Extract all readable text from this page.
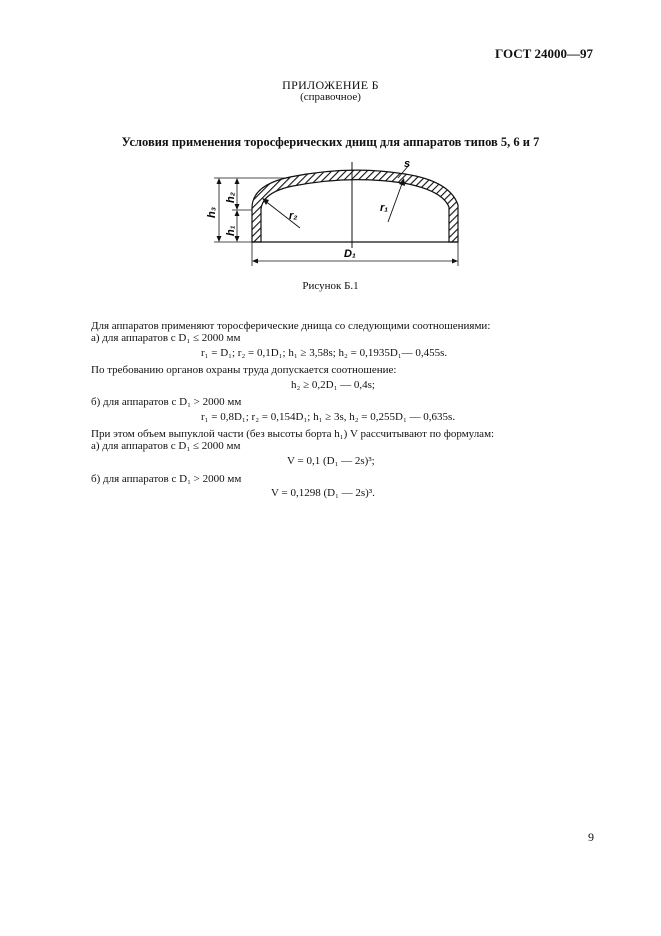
ГОСТ 24000—97
ПРИЛОЖЕНИЕ Б
(справочное)
Условия применения торосферических днищ для аппаратов типов 5, 6 и 7
h₃
h₂
h₁
r₂
r₁
s
D₁
Рисунок Б.1
Для аппаратов применяют торосферические днища со следующими соотношениями:
а) для аппаратов с D₁ ≤ 2000 мм
r₁ = D₁; r₂ = 0,1D₁; h₁ ≥ 3,58s; h₂ = 0,1935D₁— 0,455s.
По требованию органов охраны труда допускается соотношение:
h₂ ≥ 0,2D₁ — 0,4s;
б) для аппаратов с D₁ > 2000 мм
r₁ = 0,8D₁; r₂ = 0,154D₁; h₁ ≥ 3s, h₂ = 0,255D₁ — 0,635s.
При этом объем выпуклой части (без высоты борта h₁) V рассчитывают по формулам:
а) для аппаратов с D₁ ≤ 2000 мм
V = 0,1 (D₁ — 2s)³;
б) для аппаратов с D₁ > 2000 мм
V = 0,1298 (D₁ — 2s)³.
9
